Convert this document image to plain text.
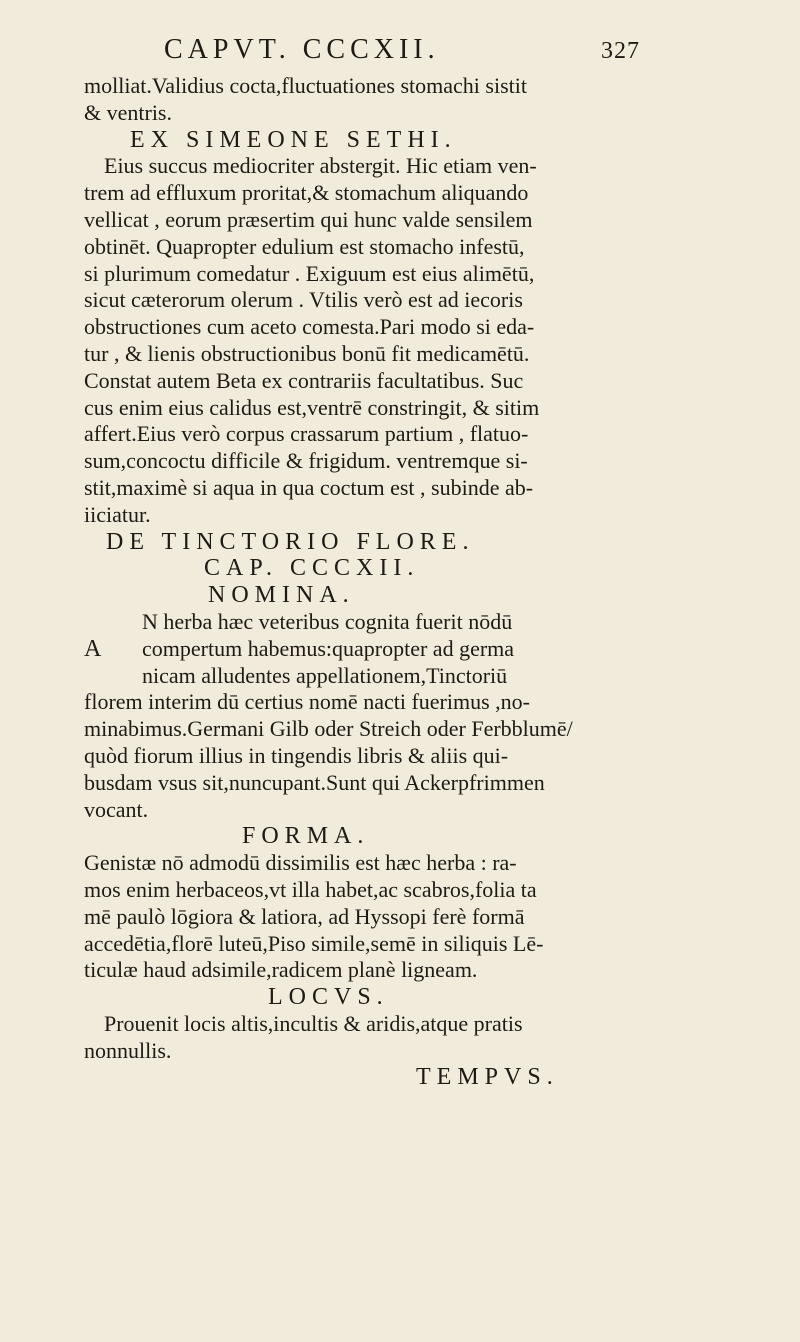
CAPVT. CCCXII.	327
molliat.Validius cocta,fluctuationes stomachi sistit
& ventris.
EX SIMEONE SETHI.
Eius succus mediocriter abstergit. Hic etiam ven-
trem ad effluxum proritat,& stomachum aliquando
vellicat , eorum præsertim qui hunc valde sensilem
obtinēt. Quapropter edulium est stomacho infestū,
si plurimum comedatur . Exiguum est eius alimētū,
sicut cæterorum olerum . Vtilis verò est ad iecoris
obstructiones cum aceto comesta.Pari modo si eda-
tur , & lienis obstructionibus bonū fit medicamētū.
Constat autem Beta ex contrariis facultatibus. Suc
cus enim eius calidus est,ventrē constringit, & sitim
affert.Eius verò corpus crassarum partium , flatuo-
sum,concoctu difficile & frigidum. ventremque si-
stit,maximè si aqua in qua coctum est , subinde ab-
iiciatur.
DE TINCTORIO FLORE.
CAP. CCCXII.
NOMINA.
N herba hæc veteribus cognita fuerit nōdū
A compertum habemus:quapropter ad germa
nicam alludentes appellationem,Tinctoriū
florem interim dū certius nomē nacti fuerimus ,no-
minabimus.Germani Gilb oder Streich oder Ferbblumē/
quòd fiorum illius in tingendis libris & aliis qui-
busdam vsus sit,nuncupant.Sunt qui Ackerpfrimmen
vocant.
FORMA.
Genistæ nō admodū dissimilis est hæc herba : ra-
mos enim herbaceos,vt illa habet,ac scabros,folia ta
mē paulò lōgiora & latiora, ad Hyssopi ferè formā
accedētia,florē luteū,Piso simile,semē in siliquis Lē-
ticulæ haud adsimile,radicem planè ligneam.
LOCVS.
Prouenit locis altis,incultis & aridis,atque pratis
nonnullis.
TEMPVS.
